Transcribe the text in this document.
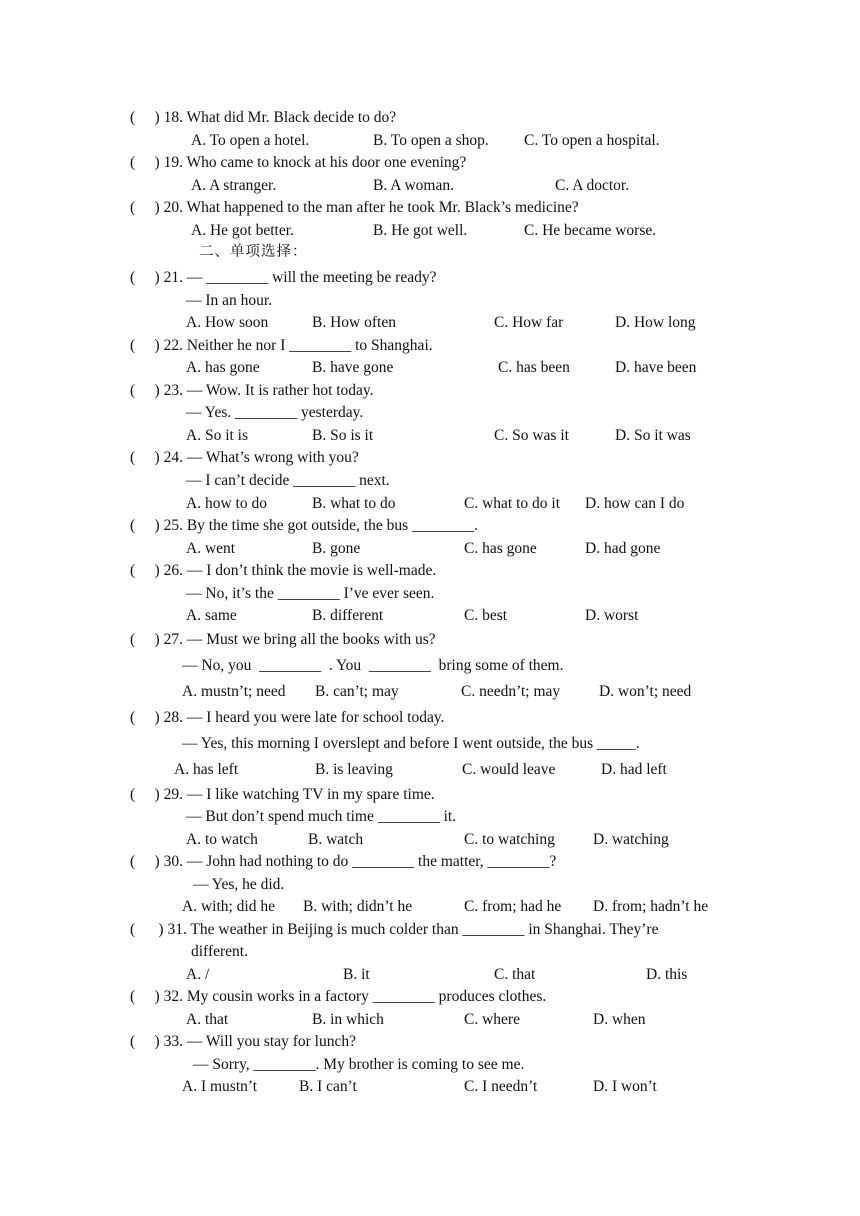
(     ) 18. What did Mr. Black decide to do?
A. To open a hotel.	B. To open a shop. C. To open a hospital.
(     ) 19. Who came to knock at his door one evening?
A. A stranger.	B. A woman.	C. A doctor.
(     ) 20. What happened to the man after he took Mr. Black’s medicine?
A. He got better.	B. He got well.	C. He became worse.
二、单项选择：
(     ) 21. — ________ will the meeting be ready?
— In an hour.
A. How soon	B. How often	C. How far	D. How long
(     ) 22. Neither he nor I ________ to Shanghai.
A. has gone	B. have gone	C. has been	D. have been
(     ) 23. — Wow. It is rather hot today.
— Yes. ________ yesterday.
A. So it is	B. So is it	C. So was it	D. So it was
(     ) 24. — What’s wrong with you?
— I can’t decide ________ next.
A. how to do	B. what to do	C. what to do it D. how can I do
(     ) 25. By the time she got outside, the bus ________.
A. went	B. gone	C. has gone	D. had gone
(     ) 26. — I don’t think the movie is well-made.
— No, it’s the ________ I’ve ever seen.
A. same	B. different	C. best	D. worst
(     ) 27. — Must we bring all the books with us?
— No, you  ________  . You  ________  bring some of them.
A. mustn’t; need B. can’t; may	C. needn’t; may	D. won’t; need
(     ) 28. — I heard you were late for school today.
— Yes, this morning I overslept and before I went outside, the bus _____.
A. has left	B. is leaving	C. would leave	D. had left
(     ) 29. — I like watching TV in my spare time.
— But don’t spend much time ________ it.
A. to watch	B. watch	C. to watching D. watching
(     ) 30. — John had nothing to do ________ the matter, ________?
— Yes, he did.
A. with; did he B. with; didn’t he	C. from; had he D. from; hadn’t he
(      ) 31. The weather in Beijing is much colder than ________ in Shanghai. They’re
different.
A. /	B. it	C. that	D. this
(     ) 32. My cousin works in a factory ________ produces clothes.
A. that	B. in which	C. where	D. when
(     ) 33. — Will you stay for lunch?
— Sorry, ________. My brother is coming to see me.
A. I mustn’t	B. I can’t	C. I needn’t	D. I won’t
